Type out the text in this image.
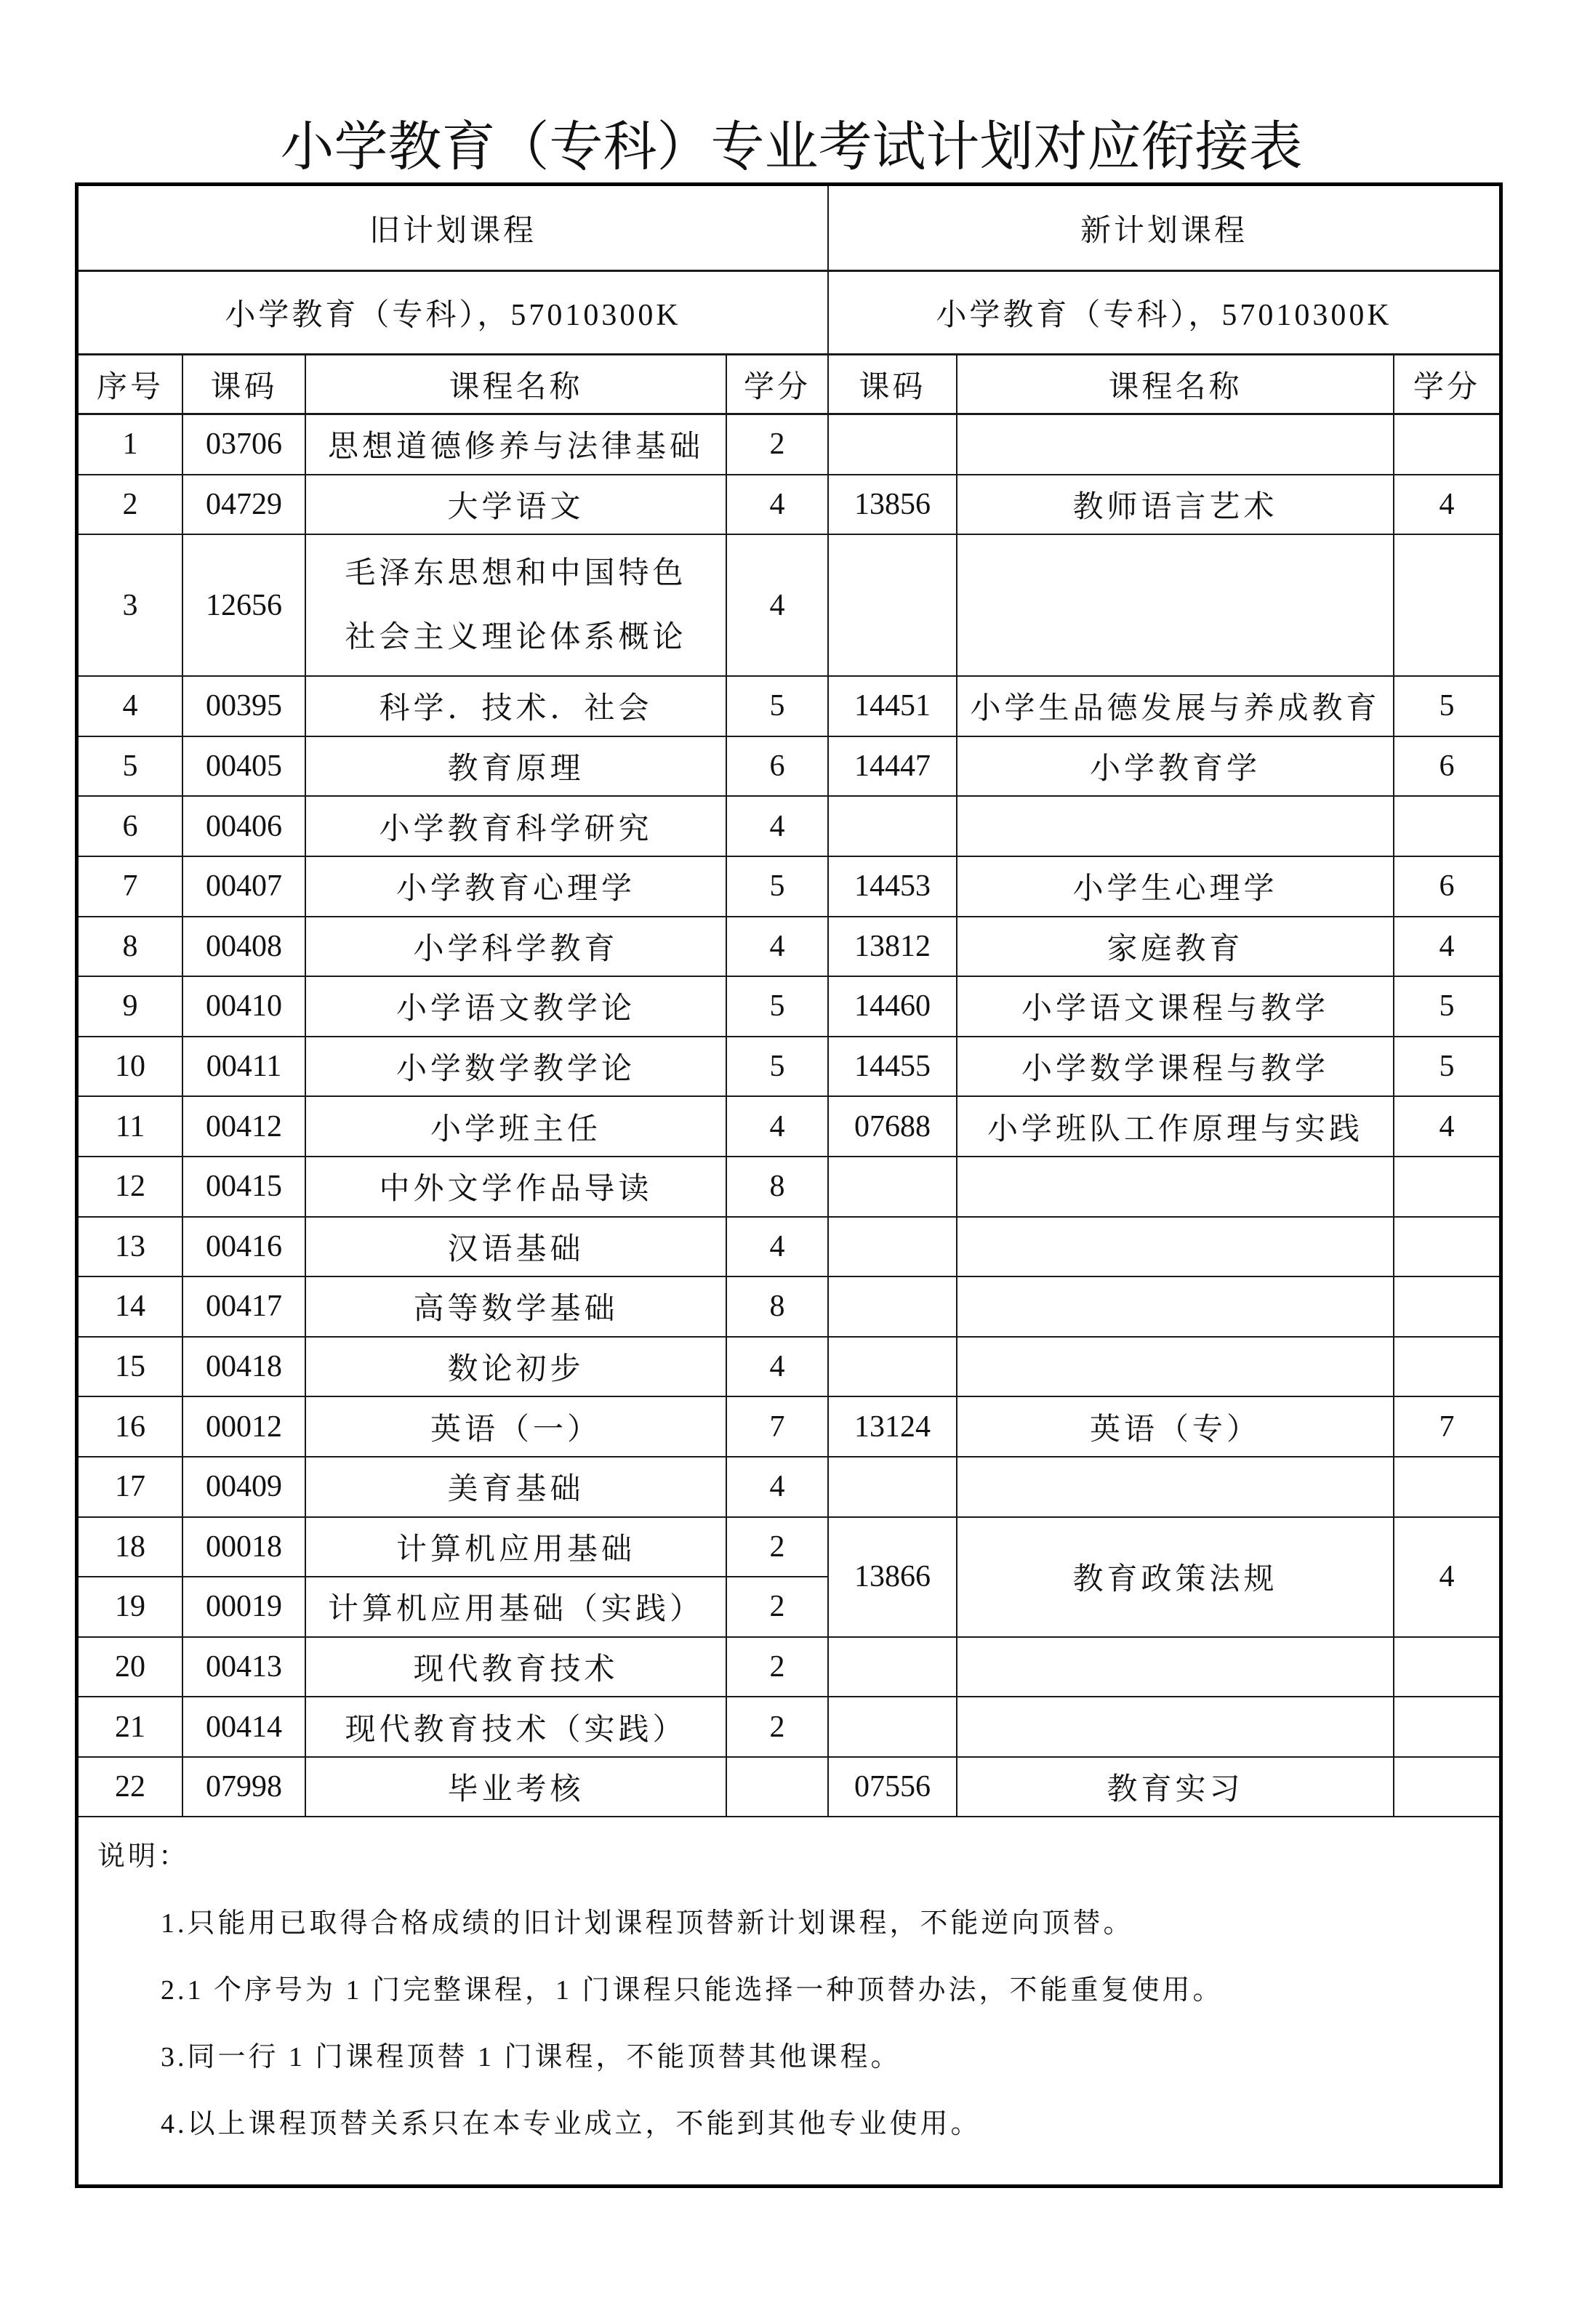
小学教育（专科）专业考试计划对应衔接表
旧计划课程				新计划课程		
小学教育（专科），57010300K				小学教育（专科），57010300K		
序号	课码	课程名称	学分	课码	课程名称	学分
1	03706	思想道德修养与法律基础	2			
2	04729	大学语文	4	13856	教师语言艺术	4
3	12656	毛泽东思想和中国特色
社会主义理论体系概论	4			
4	00395	科学．技术．社会	5	14451	小学生品德发展与养成教育	5
5	00405	教育原理	6	14447	小学教育学	6
6	00406	小学教育科学研究	4			
7	00407	小学教育心理学	5	14453	小学生心理学	6
8	00408	小学科学教育	4	13812	家庭教育	4
9	00410	小学语文教学论	5	14460	小学语文课程与教学	5
10	00411	小学数学教学论	5	14455	小学数学课程与教学	5
11	00412	小学班主任	4	07688	小学班队工作原理与实践	4
12	00415	中外文学作品导读	8			
13	00416	汉语基础	4			
14	00417	高等数学基础	8			
15	00418	数论初步	4			
16	00012	英语（一）	7	13124	英语（专）	7
17	00409	美育基础	4			
18	00018	计算机应用基础	2	13866	教育政策法规	4
19	00019	计算机应用基础（实践）	2			
20	00413	现代教育技术	2			
21	00414	现代教育技术（实践）	2			
22	07998	毕业考核		07556	教育实习	

说明：
1.只能用已取得合格成绩的旧计划课程顶替新计划课程，不能逆向顶替。
2.1 个序号为 1 门完整课程，1 门课程只能选择一种顶替办法，不能重复使用。
3.同一行 1 门课程顶替 1 门课程，不能顶替其他课程。
4.以上课程顶替关系只在本专业成立，不能到其他专业使用。						
